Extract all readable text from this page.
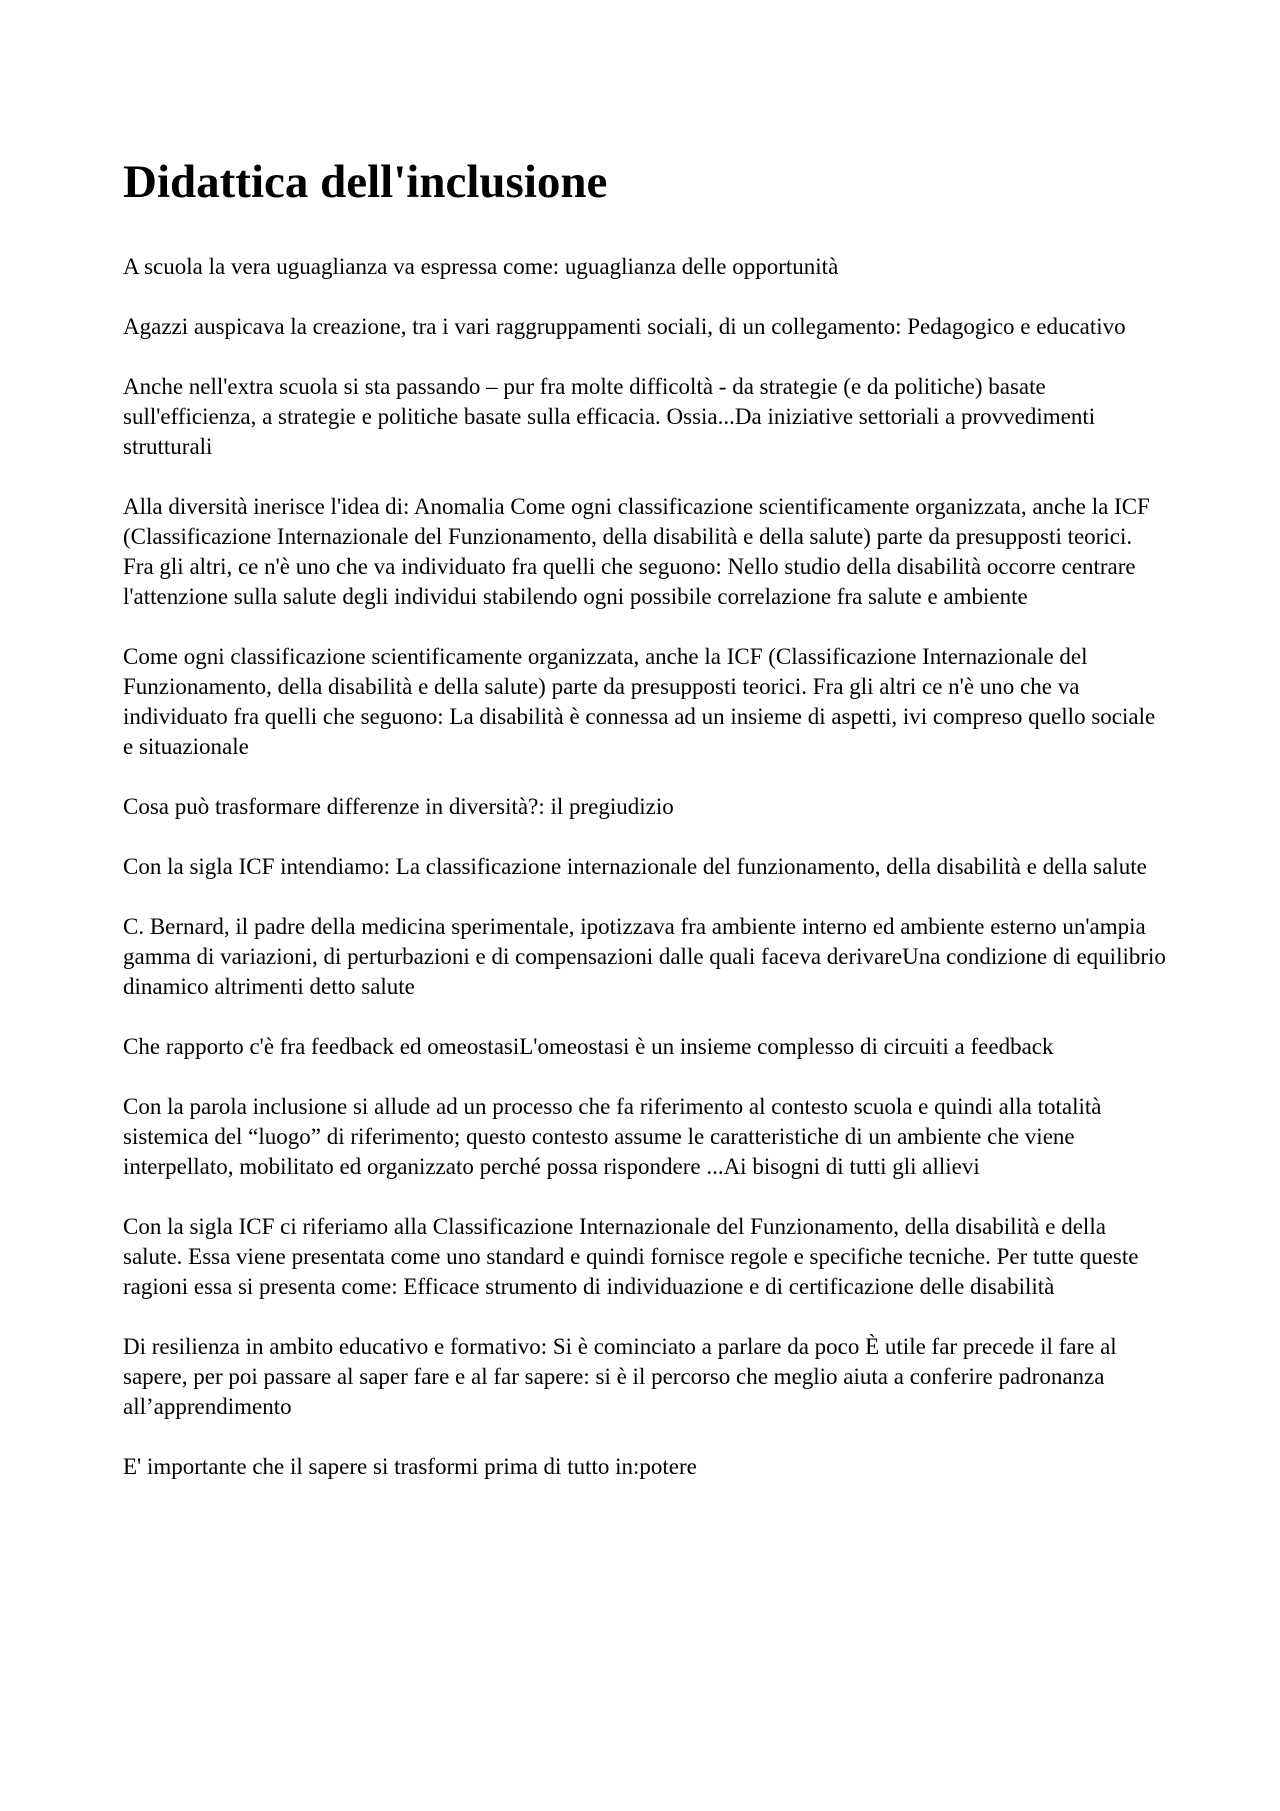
Didattica dell'inclusione

A scuola la vera uguaglianza va espressa come: uguaglianza delle opportunità

Agazzi auspicava la creazione, tra i vari raggruppamenti sociali, di un collegamento: Pedagogico e educativo

Anche nell'extra scuola si sta passando – pur fra molte difficoltà - da strategie (e da politiche) basate sull'efficienza, a strategie e politiche basate sulla efficacia. Ossia...Da iniziative settoriali a provvedimenti strutturali

Alla diversità inerisce l'idea di: Anomalia Come ogni classificazione scientificamente organizzata, anche la ICF (Classificazione Internazionale del Funzionamento, della disabilità e della salute) parte da presupposti teorici. Fra gli altri, ce n'è uno che va individuato fra quelli che seguono: Nello studio della disabilità occorre centrare l'attenzione sulla salute degli individui stabilendo ogni possibile correlazione fra salute e ambiente

Come ogni classificazione scientificamente organizzata, anche la ICF (Classificazione Internazionale del Funzionamento, della disabilità e della salute) parte da presupposti teorici. Fra gli altri ce n'è uno che va individuato fra quelli che seguono: La disabilità è connessa ad un insieme di aspetti, ivi compreso quello sociale e situazionale

Cosa può trasformare differenze in diversità?: il pregiudizio

Con la sigla ICF intendiamo: La classificazione internazionale del funzionamento, della disabilità e della salute

C. Bernard, il padre della medicina sperimentale, ipotizzava fra ambiente interno ed ambiente esterno un'ampia gamma di variazioni, di perturbazioni e di compensazioni dalle quali faceva derivareUna condizione di equilibrio dinamico altrimenti detto salute

Che rapporto c'è fra feedback ed omeostasiL'omeostasi è un insieme complesso di circuiti a feedback

Con la parola inclusione si allude ad un processo che fa riferimento al contesto scuola e quindi alla totalità sistemica del “luogo” di riferimento; questo contesto assume le caratteristiche di un ambiente che viene interpellato, mobilitato ed organizzato perché possa rispondere ...Ai bisogni di tutti gli allievi

Con la sigla ICF ci riferiamo alla Classificazione Internazionale del Funzionamento, della disabilità e della salute. Essa viene presentata come uno standard e quindi fornisce regole e specifiche tecniche. Per tutte queste ragioni essa si presenta come: Efficace strumento di individuazione e di certificazione delle disabilità

Di resilienza in ambito educativo e formativo: Si è cominciato a parlare da poco È utile far precede il fare al sapere, per poi passare al saper fare e al far sapere: si è il percorso che meglio aiuta a conferire padronanza all’apprendimento

E' importante che il sapere si trasformi prima di tutto in:potere
